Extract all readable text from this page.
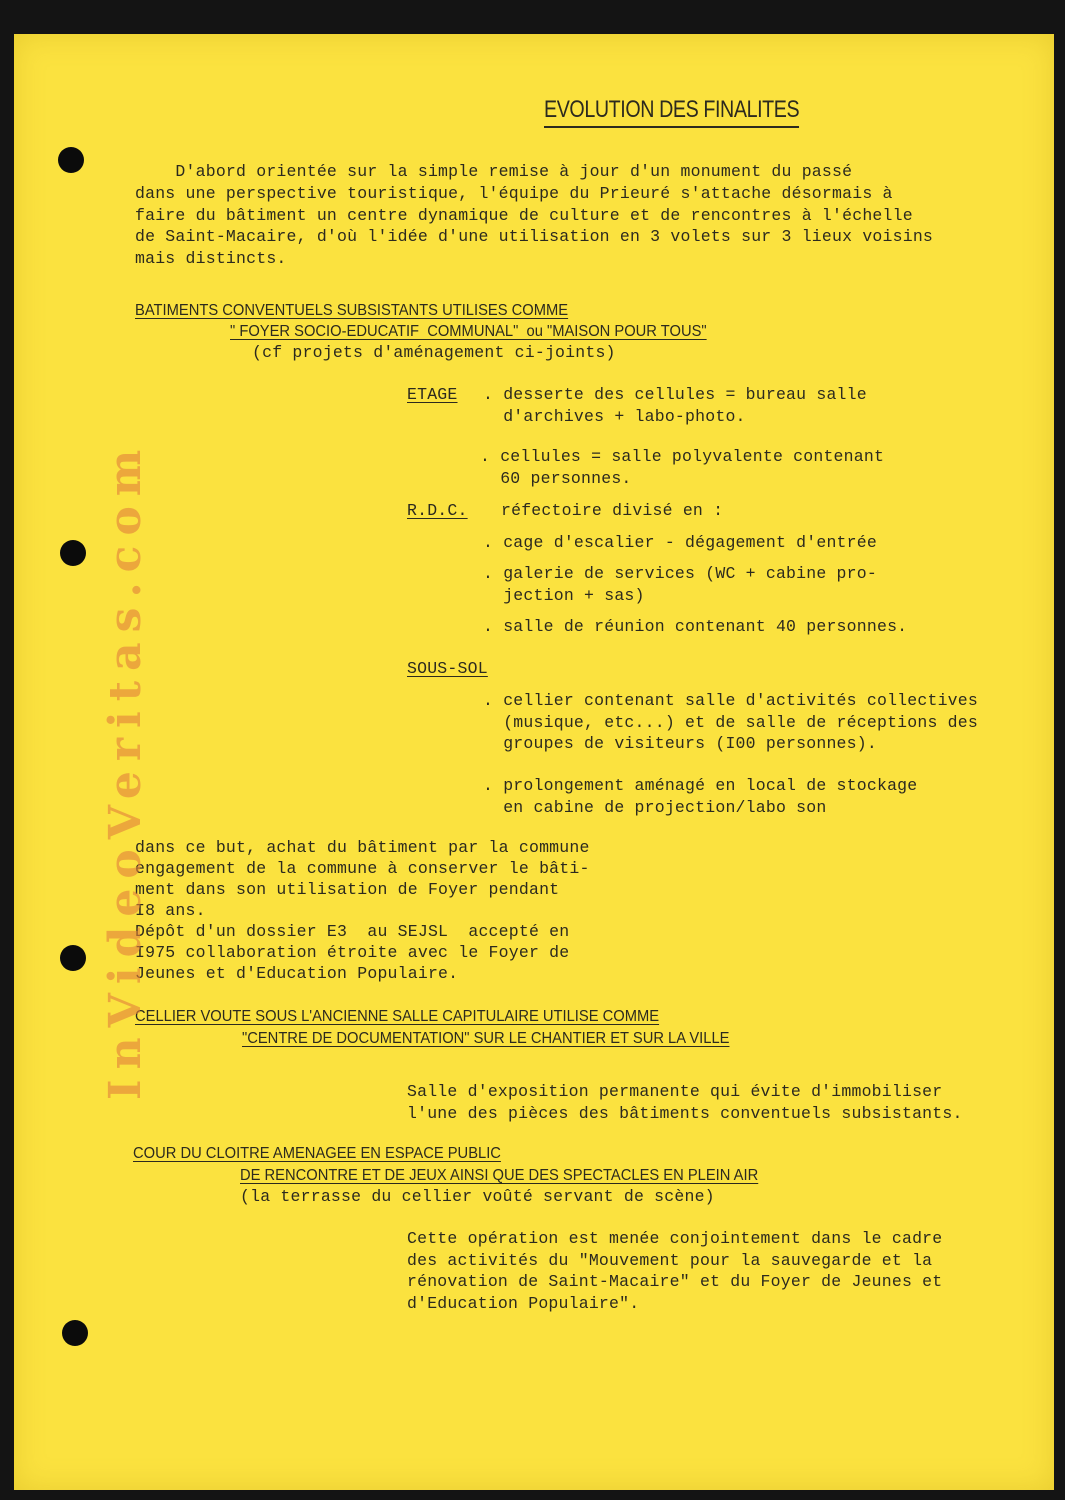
EVOLUTION DES FINALITES
D'abord orientée sur la simple remise à jour d'un monument du passé
dans une perspective touristique, l'équipe du Prieuré s'attache désormais à
faire du bâtiment un centre dynamique de culture et de rencontres à l'échelle
de Saint-Macaire, d'où l'idée d'une utilisation en 3 volets sur 3 lieux voisins
mais distincts.
BATIMENTS CONVENTUELS SUBSISTANTS UTILISES COMME
" FOYER SOCIO-EDUCATIF  COMMUNAL"  ou "MAISON POUR TOUS"
(cf projets d'aménagement ci-joints)
ETAGE . desserte des cellules = bureau salle
d'archives + labo-photo.
. cellules = salle polyvalente contenant
60 personnes.
R.D.C. réfectoire divisé en :
. cage d'escalier - dégagement d'entrée
. galerie de services (WC + cabine pro-
jection + sas)
. salle de réunion contenant 40 personnes.
SOUS-SOL
. cellier contenant salle d'activités collectives
(musique, etc...) et de salle de réceptions des
groupes de visiteurs (I00 personnes).
. prolongement aménagé en local de stockage
en cabine de projection/labo son
dans ce but, achat du bâtiment par la commune
engagement de la commune à conserver le bâti-
ment dans son utilisation de Foyer pendant
I8 ans.
Dépôt d'un dossier E3  au SEJSL  accepté en
I975 collaboration étroite avec le Foyer de
Jeunes et d'Education Populaire.
CELLIER VOUTE SOUS L'ANCIENNE SALLE CAPITULAIRE UTILISE COMME
"CENTRE DE DOCUMENTATION" SUR LE CHANTIER ET SUR LA VILLE
Salle d'exposition permanente qui évite d'immobiliser
l'une des pièces des bâtiments conventuels subsistants.
COUR DU CLOITRE AMENAGEE EN ESPACE PUBLIC
DE RENCONTRE ET DE JEUX AINSI QUE DES SPECTACLES EN PLEIN AIR
(la terrasse du cellier voûté servant de scène)
Cette opération est menée conjointement dans le cadre
des activités du "Mouvement pour la sauvegarde et la
rénovation de Saint-Macaire" et du Foyer de Jeunes et
d'Education Populaire".
InVideoVeritas.com
